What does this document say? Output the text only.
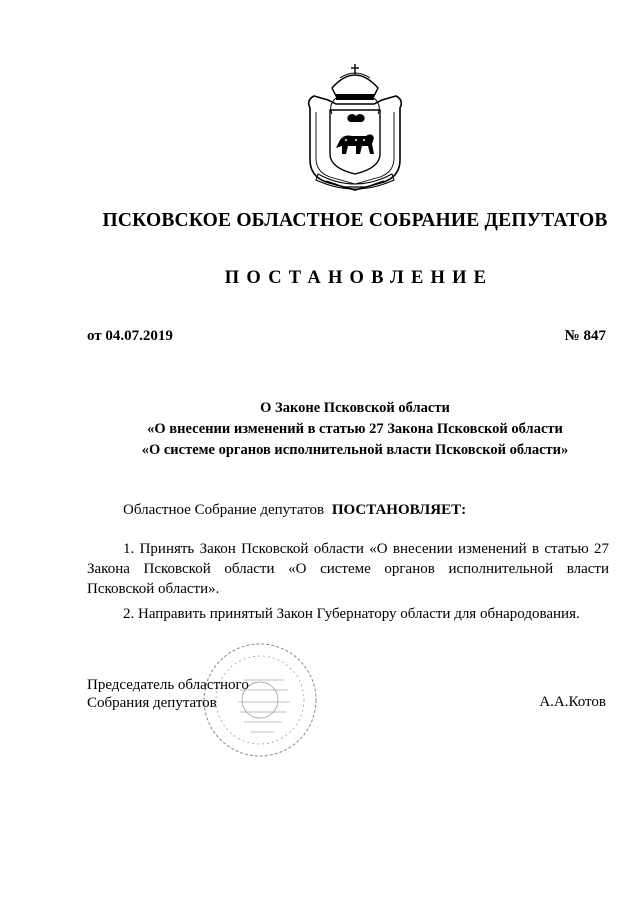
ПСКОВСКОЕ ОБЛАСТНОЕ СОБРАНИЕ ДЕПУТАТОВ
ПОСТАНОВЛЕНИЕ
от 04.07.2019	№ 847
О Законе Псковской области
«О внесении изменений в статью 27 Закона Псковской области
«О системе органов исполнительной власти Псковской области»
Областное Собрание депутатов ПОСТАНОВЛЯЕТ:
1. Принять Закон Псковской области «О внесении изменений в статью 27 Закона Псковской области «О системе органов исполнительной власти Псковской области».
2. Направить принятый Закон Губернатору области для обнародования.
Председатель областного
Собрания депутатов	А.А.Котов
